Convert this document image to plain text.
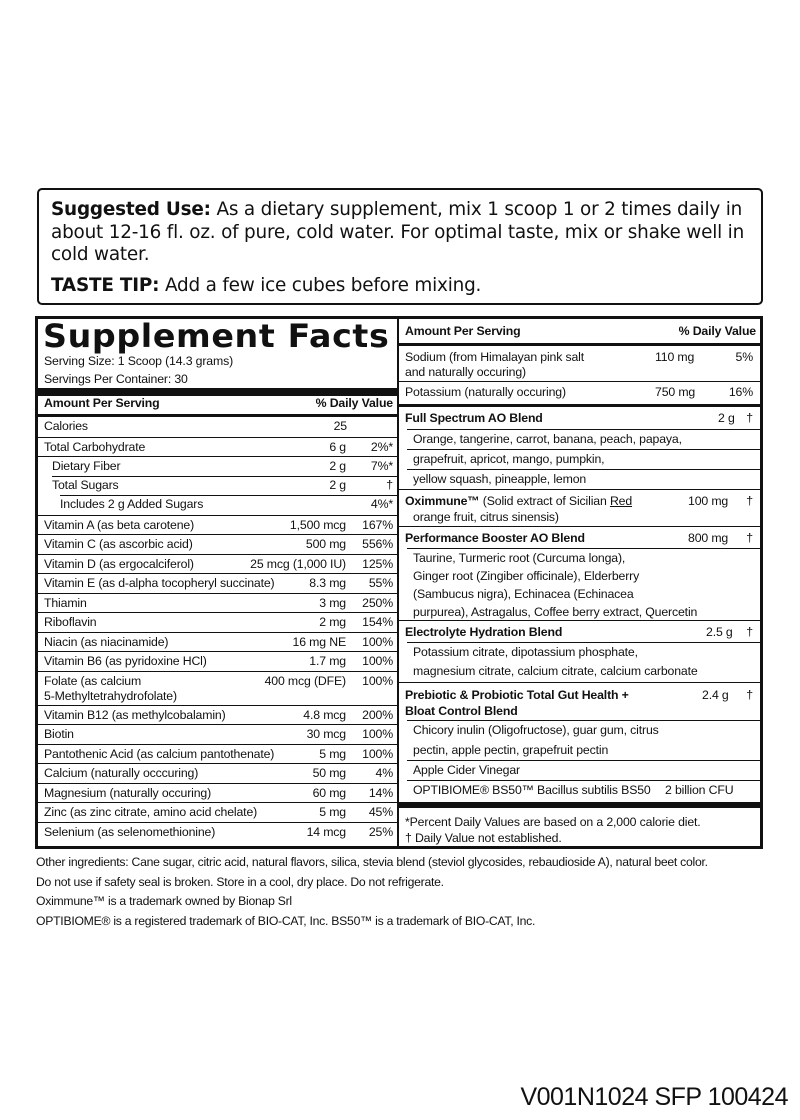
Suggested Use: As a dietary supplement, mix 1 scoop 1 or 2 times daily in about 12-16 fl. oz. of pure, cold water. For optimal taste, mix or shake well in cold water.

TASTE TIP: Add a few ice cubes before mixing.

Supplement Facts
Serving Size: 1 Scoop (14.3 grams)
Servings Per Container: 30
Amount Per Serving	% Daily Value
Calories	25
Total Carbohydrate	6 g 2%*
Dietary Fiber	2 g 7%*
Total Sugars	2 g	†
Includes 2 g Added Sugars	4%*
Vitamin A (as beta carotene)	1,500 mcg 167%
Vitamin C (as ascorbic acid)	500 mg 556%
Vitamin D (as ergocalciferol)	25 mcg (1,000 IU) 125%
Vitamin E (as d-alpha tocopheryl succinate)	8.3 mg 55%
Thiamin	3 mg 250%
Riboflavin	2 mg 154%
Niacin (as niacinamide)	16 mg NE 100%
Vitamin B6 (as pyridoxine HCl)	1.7 mg 100%
Folate (as calcium
5-Methyltetrahydrofolate)
400 mcg (DFE) 100%
Vitamin B12 (as methylcobalamin)	4.8 mcg 200%
Biotin	30 mcg 100%
Pantothenic Acid (as calcium pantothenate)	5 mg 100%
Calcium (naturally occcuring)	50 mg 4%
Magnesium (naturally occuring)	60 mg 14%
Zinc (as zinc citrate, amino acid chelate)	5 mg 45%
Selenium (as selenomethionine)	14 mcg 25%
Amount Per Serving	% Daily Value
Sodium (from Himalayan pink salt
and naturally occuring)
110 mg	5%
Potassium (naturally occuring)	750 mg	16%
Full Spectrum AO Blend	2 g †
Orange, tangerine, carrot, banana, peach, papaya,
grapefruit, apricot, mango, pumpkin,
yellow squash, pineapple, lemon
Oximmune™ (Solid extract of Sicilian Red
orange fruit, citrus sinensis)
100 mg †
Performance Booster AO Blend	800 mg †
Taurine, Turmeric root (Curcuma longa),
Ginger root (Zingiber officinale), Elderberry
(Sambucus nigra), Echinacea (Echinacea
purpurea), Astragalus, Coffee berry extract, Quercetin
Electrolyte Hydration Blend	2.5 g †
Potassium citrate, dipotassium phosphate,
magnesium citrate, calcium citrate, calcium carbonate
Prebiotic & Probiotic Total Gut Health +
Bloat Control Blend
2.4 g †
Chicory inulin (Oligofructose), guar gum, citrus
pectin, apple pectin, grapefruit pectin
Apple Cider Vinegar
OPTIBIOME® BS50™ Bacillus subtilis BS50 2 billion CFU
*Percent Daily Values are based on a 2,000 calorie diet.
† Daily Value not established.
Other ingredients: Cane sugar, citric acid, natural flavors, silica, stevia blend (steviol glycosides, rebaudioside A), natural beet color.
Do not use if safety seal is broken. Store in a cool, dry place. Do not refrigerate.
Oximmune™ is a trademark owned by Bionap Srl
OPTIBIOME® is a registered trademark of BIO-CAT, Inc. BS50™ is a trademark of BIO-CAT, Inc.
V001N1024 SFP 100424
